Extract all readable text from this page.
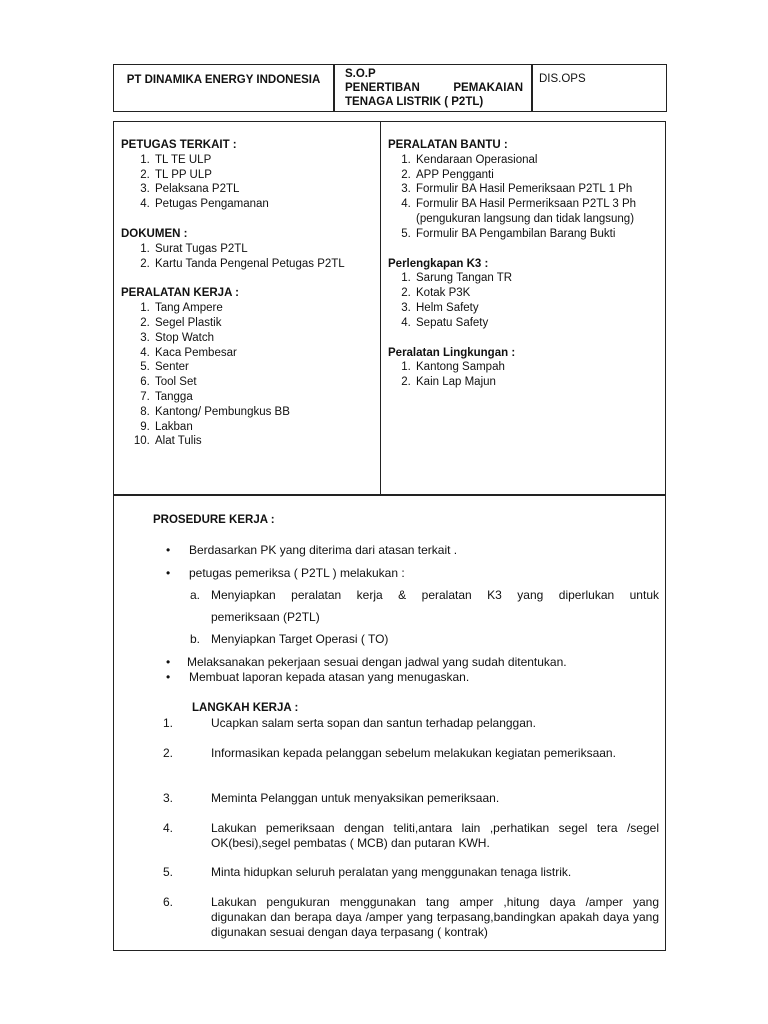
PT DINAMIKA ENERGY INDONESIA	S.O.P
PENERTIBAN	PEMAKAIAN
TENAGA LISTRIK ( P2TL)
DIS.OPS
PETUGAS TERKAIT :
1. TL TE ULP
2. TL PP ULP
3. Pelaksana P2TL
4. Petugas Pengamanan
DOKUMEN :
1. Surat Tugas P2TL
2. Kartu Tanda Pengenal Petugas P2TL
PERALATAN KERJA :
1. Tang Ampere
2. Segel Plastik
3. Stop Watch
4. Kaca Pembesar
5. Senter
6. Tool Set
7. Tangga
8. Kantong/ Pembungkus BB
9. Lakban
10. Alat Tulis
PERALATAN BANTU :
1. Kendaraan Operasional
2. APP Pengganti
3. Formulir BA Hasil Pemeriksaan P2TL 1 Ph
4. Formulir BA Hasil Permeriksaan P2TL 3 Ph (pengukuran langsung dan tidak langsung)
5. Formulir BA Pengambilan Barang Bukti
Perlengkapan K3 :
1. Sarung Tangan TR
2. Kotak P3K
3. Helm Safety
4. Sepatu Safety
Peralatan Lingkungan :
1. Kantong Sampah
2. Kain Lap Majun
PROSEDURE KERJA :
• Berdasarkan PK yang diterima dari atasan terkait .
• petugas pemeriksa ( P2TL ) melakukan :
a. Menyiapkan peralatan kerja & peralatan K3 yang diperlukan untuk
pemeriksaan (P2TL)
b. Menyiapkan Target Operasi ( TO)
• Melaksanakan pekerjaan sesuai dengan jadwal yang sudah ditentukan.
• Membuat laporan kepada atasan yang menugaskan.
LANGKAH KERJA :
1.	Ucapkan salam serta sopan dan santun terhadap pelanggan.
2.	Informasikan kepada pelanggan sebelum melakukan kegiatan pemeriksaan.
3.	Meminta Pelanggan untuk menyaksikan pemeriksaan.
4.	Lakukan pemeriksaan dengan teliti,antara lain ,perhatikan segel tera /segel OK(besi),segel pembatas ( MCB) dan putaran KWH.
5.	Minta hidupkan seluruh peralatan yang menggunakan tenaga listrik.
6.	Lakukan pengukuran menggunakan tang amper ,hitung daya /amper yang digunakan dan berapa daya /amper yang terpasang,bandingkan apakah daya yang digunakan sesuai dengan daya terpasang ( kontrak)
